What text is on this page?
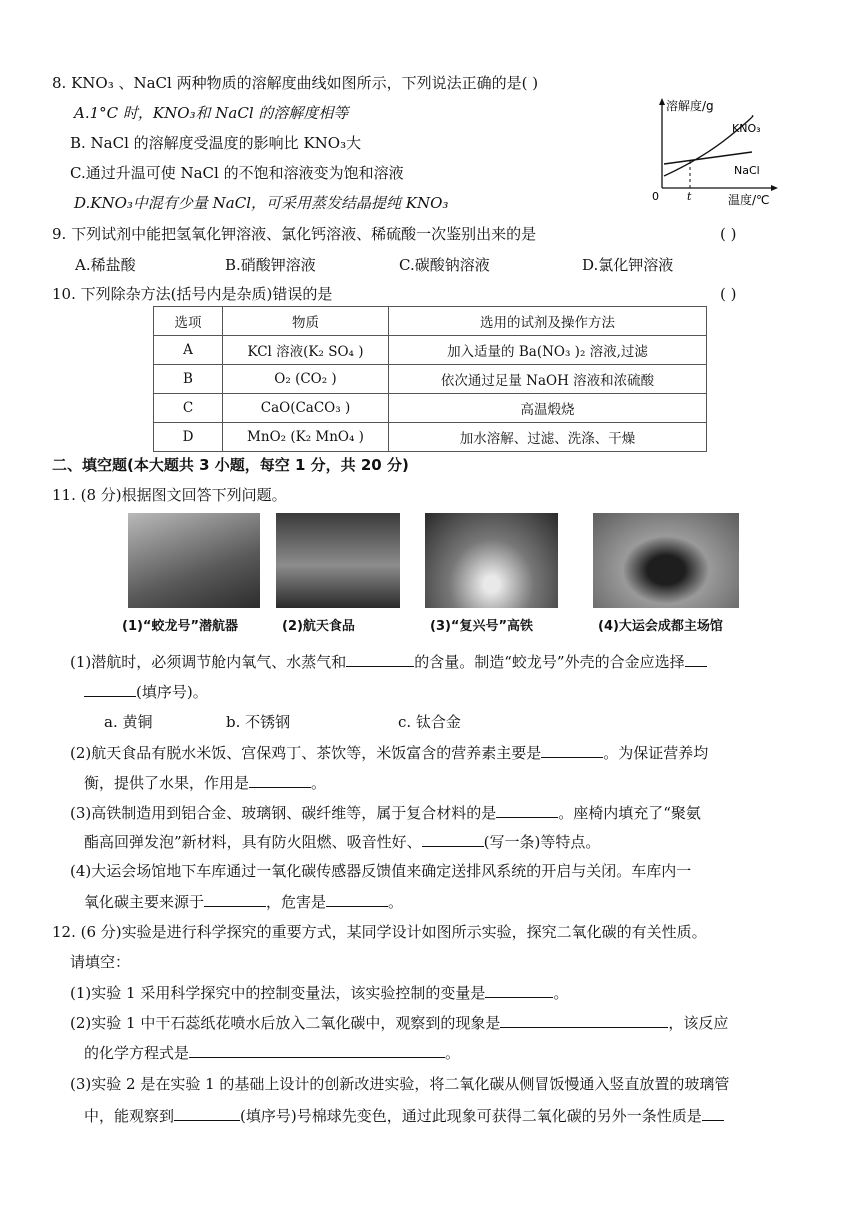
8. KNO₃ 、NaCl 两种物质的溶解度曲线如图所示，下列说法正确的是( )
A.1°C 时，KNO₃和 NaCl 的溶解度相等
B. NaCl 的溶解度受温度的影响比 KNO₃大
C.通过升温可使 NaCl 的不饱和溶液变为饱和溶液
D.KNO₃中混有少量 NaCl，可采用蒸发结晶提纯 KNO₃
溶解度/g
KNO₃
NaCl
0	t	温度/℃
9. 下列试剂中能把氢氧化钾溶液、氯化钙溶液、稀硫酸一次鉴别出来的是	( )
A.稀盐酸	B.硝酸钾溶液	C.碳酸钠溶液	D.氯化钾溶液
10. 下列除杂方法(括号内是杂质)错误的是	( )
选项	物质	选用的试剂及操作方法
A	KCl 溶液(K₂ SO₄ )	加入适量的 Ba(NO₃ )₂ 溶液,过滤
B	O₂ (CO₂ )	依次通过足量 NaOH 溶液和浓硫酸
C	CaO(CaCO₃ )	高温煅烧
D	MnO₂ (K₂ MnO₄ )	加水溶解、过滤、洗涤、干燥
二、填空题(本大题共 3 小题，每空 1 分，共 20 分)
11. (8 分)根据图文回答下列问题。
(1)“蛟龙号”潜航器	(2)航天食品	(3)“复兴号”高铁	(4)大运会成都主场馆
(1)潜航时，必须调节舱内氧气、水蒸气和	的含量。制造“蛟龙号”外壳的合金应选择
(填序号)。
a. 黄铜	b. 不锈钢	c. 钛合金
(2)航天食品有脱水米饭、宫保鸡丁、茶饮等，米饭富含的营养素主要是	。为保证营养均
衡，提供了水果，作用是	。
(3)高铁制造用到铝合金、玻璃钢、碳纤维等，属于复合材料的是	。座椅内填充了“聚氨
酯高回弹发泡”新材料，具有防火阻燃、吸音性好、	(写一条)等特点。
(4)大运会场馆地下车库通过一氧化碳传感器反馈值来确定送排风系统的开启与关闭。车库内一
氧化碳主要来源于	，危害是	。
12. (6 分)实验是进行科学探究的重要方式，某同学设计如图所示实验，探究二氧化碳的有关性质。
请填空：
(1)实验 1 采用科学探究中的控制变量法，该实验控制的变量是	。
(2)实验 1 中干石蕊纸花喷水后放入二氧化碳中，观察到的现象是	，该反应
的化学方程式是	。
(3)实验 2 是在实验 1 的基础上设计的创新改进实验，将二氧化碳从侧冒饭慢通入竖直放置的玻璃管
中，能观察到	(填序号)号棉球先变色，通过此现象可获得二氧化碳的另外一条性质是
